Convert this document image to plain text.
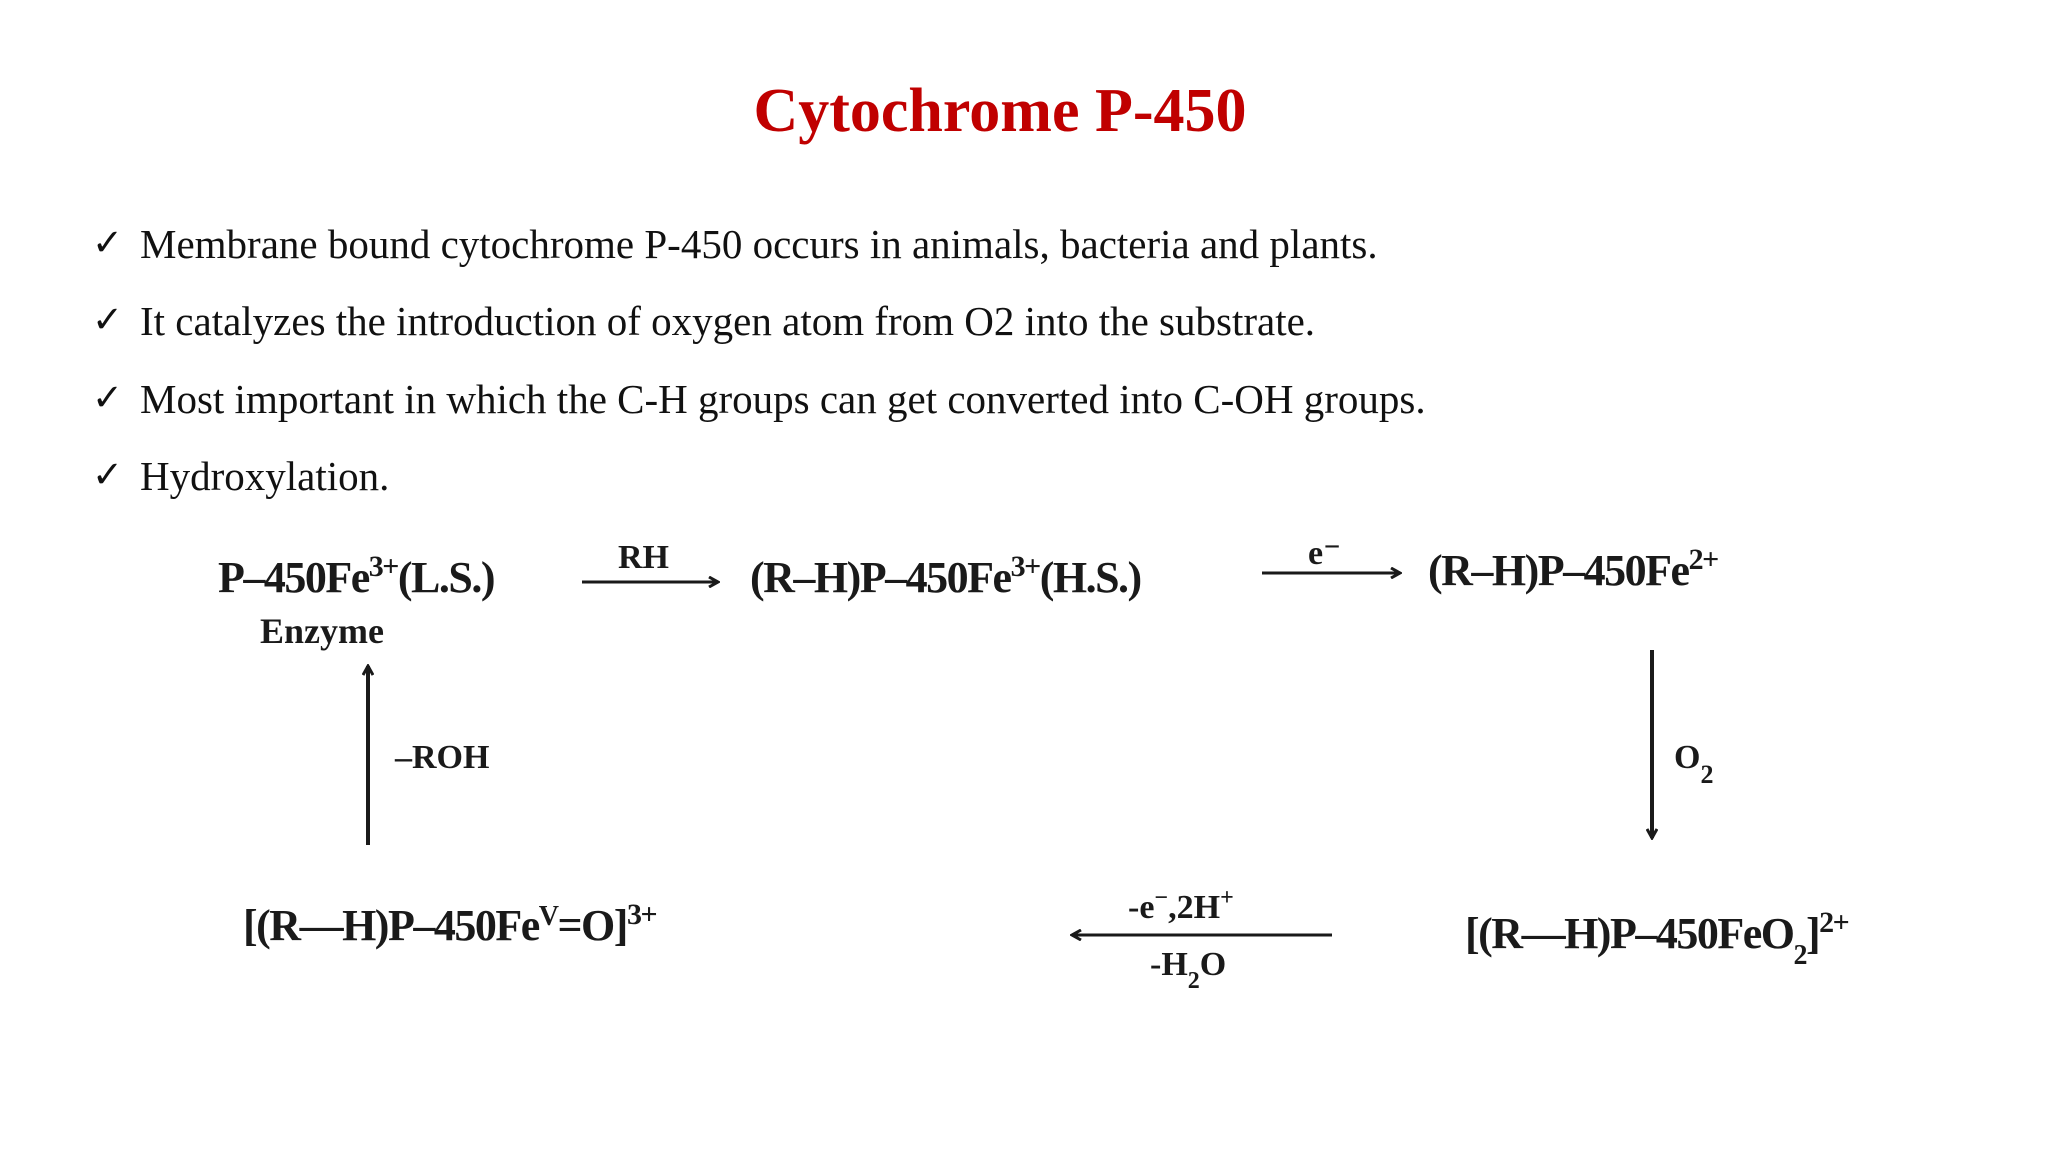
Cytochrome P-450
✓ Membrane bound cytochrome P-450 occurs in animals, bacteria and plants.
✓ It catalyzes the introduction of oxygen atom from O2 into the substrate.
✓ Most important in which the C-H groups can get converted into C-OH groups.
✓ Hydroxylation.
$P-450Fe^{3+}(L.S.)$
Enzyme
RH $(R-H)P-450Fe^{3+}(H.S.)$	e⁻ $(R-H)P-450Fe^{2+}$
$O_2$
[(R—H)P–450FeO$_2$]$^{2+}$
-e−,2H+
$-H_2O$
$[(R—H)P-450Fe^V=O]^{3+}$
–ROH
